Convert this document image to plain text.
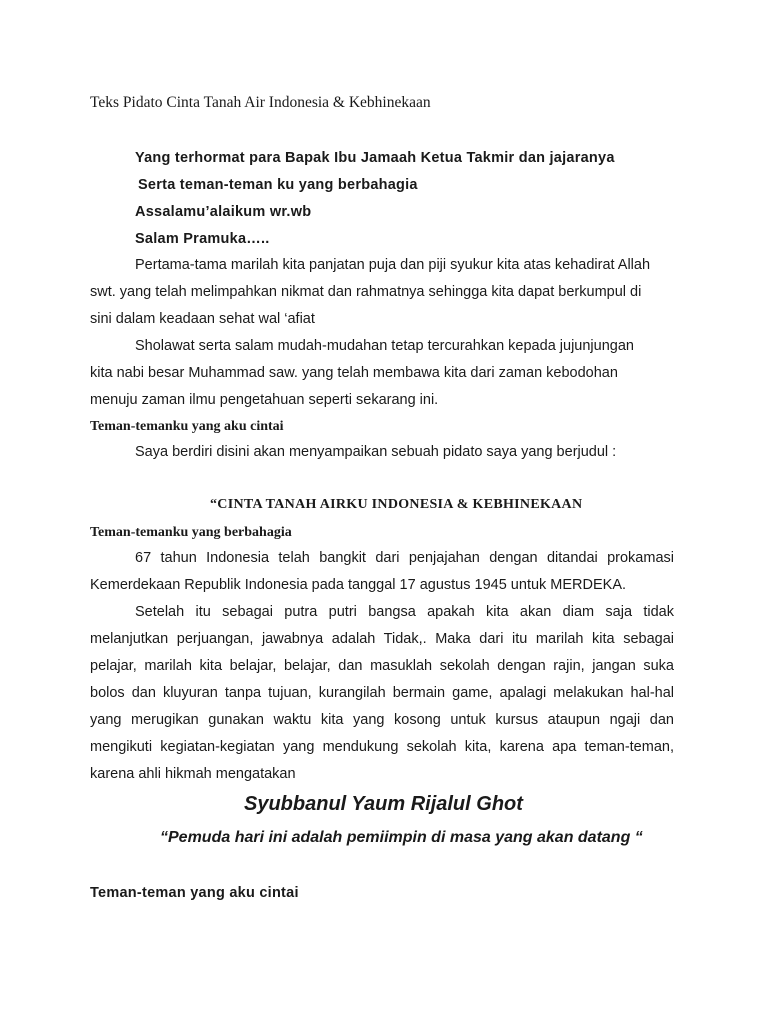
Teks Pidato Cinta Tanah Air Indonesia & Kebhinekaan
Yang terhormat para Bapak Ibu Jamaah Ketua Takmir dan jajaranya
Serta teman-teman ku yang berbahagia
Assalamu’alaikum wr.wb
Salam Pramuka…..
Pertama-tama marilah kita panjatan puja dan piji syukur kita atas kehadirat Allah
swt. yang telah melimpahkan nikmat dan rahmatnya sehingga kita dapat berkumpul di
sini dalam keadaan sehat wal ‘afiat
Sholawat serta salam mudah-mudahan tetap tercurahkan kepada jujunjungan
kita nabi besar Muhammad saw. yang telah membawa kita dari zaman kebodohan
menuju zaman ilmu pengetahuan seperti sekarang ini.
Teman-temanku yang aku cintai
Saya berdiri disini akan menyampaikan sebuah pidato saya yang berjudul :
“CINTA TANAH AIRKU INDONESIA & KEBHINEKAAN
Teman-temanku yang berbahagia
67 tahun Indonesia telah bangkit dari penjajahan dengan ditandai prokamasi
Kemerdekaan Republik Indonesia pada tanggal 17 agustus 1945 untuk MERDEKA.
Setelah itu sebagai putra putri bangsa apakah kita akan diam saja tidak
melanjutkan perjuangan, jawabnya adalah Tidak,. Maka dari itu marilah kita sebagai
pelajar, marilah kita belajar, belajar, dan masuklah sekolah dengan rajin, jangan suka
bolos dan kluyuran tanpa tujuan, kurangilah bermain game, apalagi melakukan hal-hal
yang merugikan gunakan waktu kita yang kosong untuk kursus ataupun ngaji dan
mengikuti kegiatan-kegiatan yang mendukung sekolah kita, karena apa teman-teman,
karena ahli hikmah mengatakan
Syubbanul Yaum Rijalul Ghot
“Pemuda hari ini adalah pemiimpin di masa yang akan datang “
Teman-teman yang aku cintai
